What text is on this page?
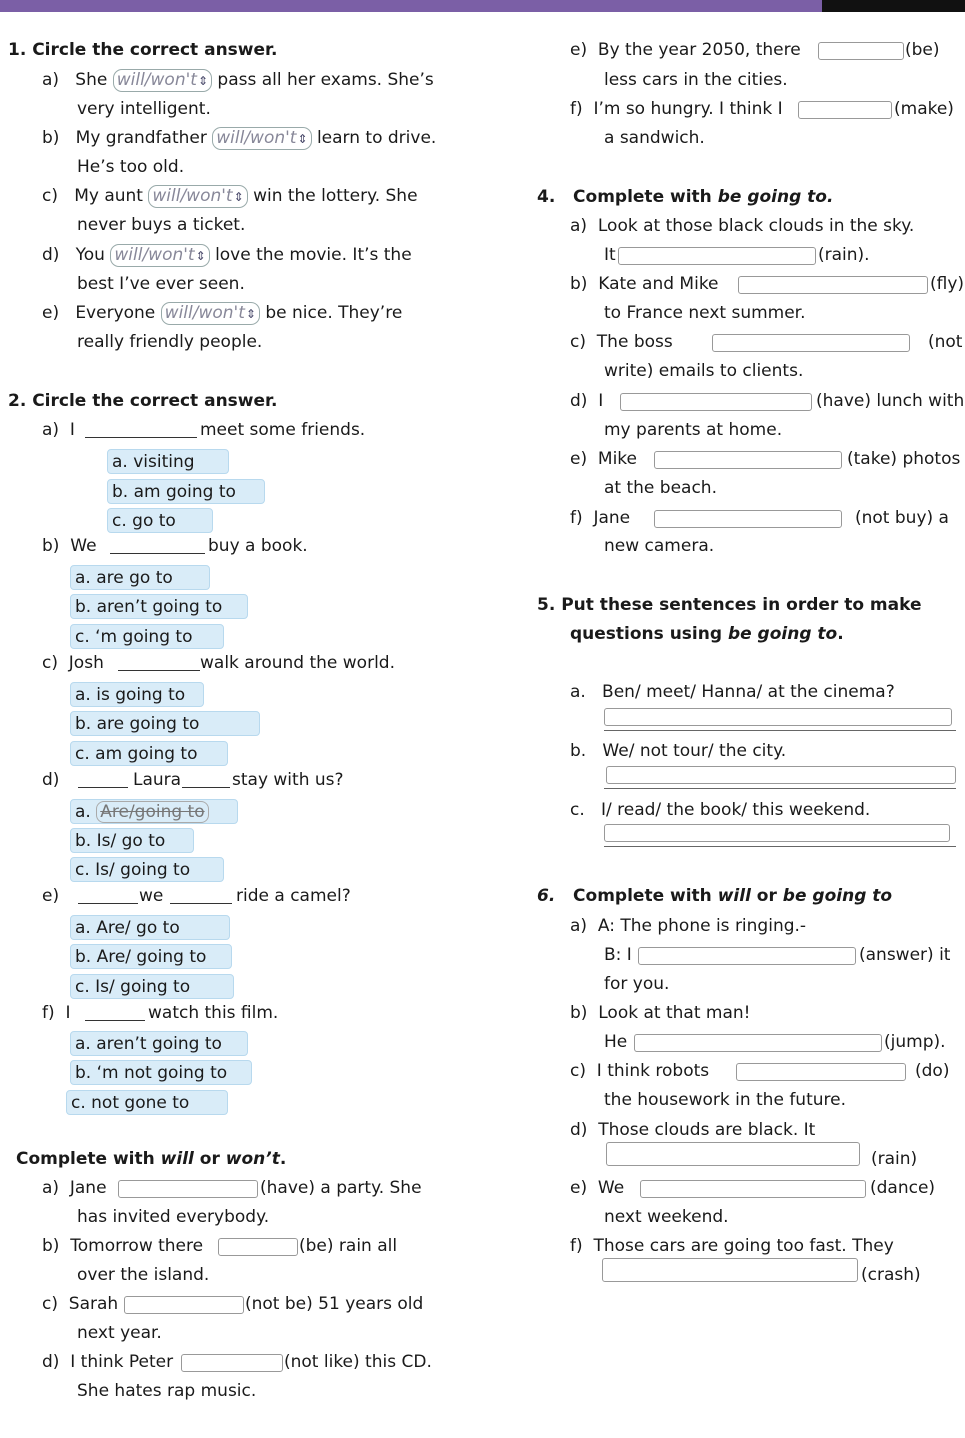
1. Circle the correct answer.
a) She will/won't⇕ pass all her exams. She’s
very intelligent.
b) My grandfather will/won't⇕ learn to drive.
He’s too old.
c) My aunt will/won't⇕ win the lottery. She
never buys a ticket.
d) You will/won't⇕ love the movie. It’s the
best I’ve ever seen.
e) Everyone will/won't⇕ be nice. They’re
really friendly people.
2. Circle the correct answer.
a) I	meet some friends.
a. visiting
b. am going to
c. go to
b) We	buy a book.
a. are go to
b. aren’t going to
c. ‘m going to
c) Josh	walk around the world.
a. is going to
b. are going to
c. am going to
d)	Laura	stay with us?
a. Are/going to
b. Is/ go to
c. Is/ going to
e)	we	ride a camel?
a. Are/ go to
b. Are/ going to
c. Is/ going to
f) I	watch this film.
a. aren’t going to
b. ‘m not going to
c. not gone to
Complete with will or won’t.
a) Jane	(have) a party. She
has invited everybody.
b) Tomorrow there	(be) rain all
over the island.
c) Sarah	(not be) 51 years old
next year.
d) I think Peter	(not like) this CD.
She hates rap music.
e) By the year 2050, there	(be)
less cars in the cities.
f) I’m so hungry. I think I	(make)
a sandwich.
4.   Complete with be going to.
a) Look at those black clouds in the sky.
It	(rain).
b) Kate and Mike	(fly)
to France next summer.
c) The boss	(not
write) emails to clients.
d) I	(have) lunch with
my parents at home.
e) Mike	(take) photos
at the beach.
f) Jane	(not buy) a
new camera.
5. Put these sentences in order to make
questions using be going to.
a. Ben/ meet/ Hanna/ at the cinema?
b. We/ not tour/ the city.
c. I/ read/ the book/ this weekend.
6.   Complete with will or be going to
a) A: The phone is ringing.-
B: I	(answer) it
for you.
b) Look at that man!
He	(jump).
c) I think robots	(do)
the housework in the future.
d) Those clouds are black. It
(rain)
e) We	(dance)
next weekend.
f) Those cars are going too fast. They
(crash)
